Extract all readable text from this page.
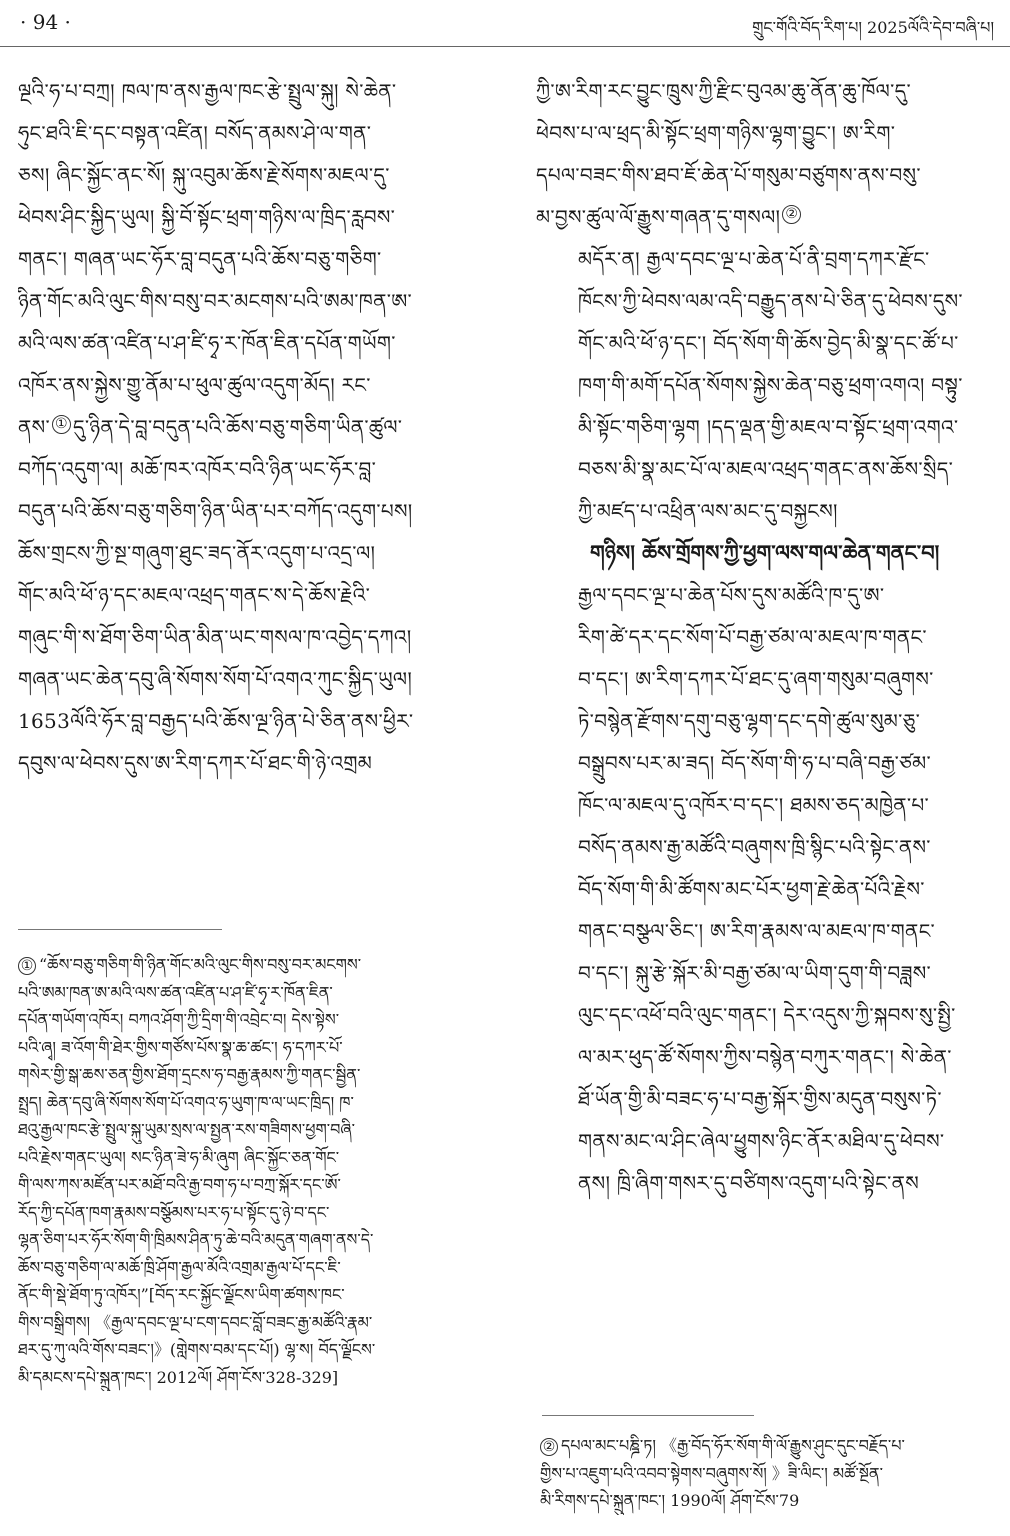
· 94 ·	གྲུང་གོའི་བོད་རིག་པ། 2025ལོའི་དེབ་བཞི་པ།

ལྔའི་ཧ་པ་བཀྲ། ཁལ་ཁ་ནས་རྒྱལ་ཁང་རྩེ་སྤྲུལ་སྐུ། སེ་ཆེན་
ཧུང་ཐའི་ཇི་དང་བསྟན་འཛིན། བསོད་ནམས་ཤེ་ལ་གན་
ཅས། ཞིང་སྐྱོང་ནང་སོ། སྐུ་འབུམ་ཆོས་རྗེ་སོགས་མཇལ་དུ་
ཕེབས་ཤིང་སྐྱིད་ཡུལ། སྐྱི་བོ་སྟོང་ཕྲག་གཉིས་ལ་ཁྲིད་རླབས་
གནང་། གཞན་ཡང་ཧོར་བླ་བདུན་པའི་ཆོས་བཅུ་གཅིག་
ཉིན་གོང་མའི་ལུང་གིས་བསུ་བར་མངགས་པའི་ཨམ་ཁན་ཨ་
མའི་ལས་ཚན་འཛིན་པ་ཤ་ཛི་ཧྭ་ར་ཁོན་ཇིན་དཔོན་གཡོག་
འཁོར་ནས་སྐྱེས་གྱུ་ནོམ་པ་ཕུལ་ཚུལ་འདུག་མོད། རང་
ནས་ ① དུ་ཉིན་དེ་བླ་བདུན་པའི་ཆོས་བཅུ་གཅིག་ཡིན་ཚུལ་
བཀོད་འདུག་ལ། མཆོ་ཁར་འཁོར་བའི་ཉིན་ཡང་ཧོར་བླ་
བདུན་པའི་ཆོས་བཅུ་གཅིག་ཉིན་ཡིན་པར་བཀོད་འདུག་པས།
ཆོས་གྲངས་ཀྱི་སྔ་གཞུག་ཐུང་ཟད་ནོར་འདུག་པ་འདྲ་ལ།
གོང་མའི་ཕོ་ཉ་དང་མཇལ་འཕྲད་གནང་ས་དེ་ཆོས་རྗེའི་
གཞུང་གི་ས་ཐོག་ཅིག་ཡིན་མིན་ཡང་གསལ་ཁ་འབྱེད་དཀའ།
གཞན་ཡང་ཆེན་དབུ་ཞི་སོགས་སོག་པོ་འགའ་ཀུང་སྐྱིད་ཡུལ།
1653ལོའི་ཧོར་བླ་བརྒྱད་པའི་ཆོས་ལྔ་ཉིན་པེ་ཅིན་ནས་ཕྱིར་
དབུས་ལ་ཕེབས་དུས་ཨ་རིག་དཀར་པོ་ཐང་གི་ཉེ་འགྲམ

① “ཆོས་བཅུ་གཅིག་གི་ཉིན་གོང་མའི་ལུང་གིས་བསུ་བར་མངགས་
པའི་ཨམ་ཁན་ཨ་མའི་ལས་ཚན་འཛིན་པ་ཤ་ཛི་ཧྭ་ར་ཁོན་ཇིན་
དཔོན་གཡོག་འཁོར། བཀའ་ཤོག་ཀྱི་དྲིག་གི་འབྲེང་བ། དེས་སྟེས་
པའི་ཞྭ། ཟ་འོག་གི་ཐེར་གྱིས་གཙོས་པོས་སྣ་ཆ་ཚང་། ཧ་དཀར་པོ་
གསེར་གྱི་སྒ་ཆས་ཅན་གྱིས་ཐོག་དྲངས་ཧ་བརྒྱ་རྣམས་ཀྱི་གནང་སྦྱིན་
སྤྲད། ཆེན་དབུ་ཞི་སོགས་སོག་པོ་འགའ་ཧ་ཡུག་ཁ་ལ་ཡང་ཁྲིད། ཁ་
ཐའུ་རྒྱལ་ཁང་རྩེ་སྤྲུལ་སྐུ་ཡུམ་སྲས་ལ་སྤྱན་རས་གཟིགས་ཕྱག་བཞི་
པའི་རྗེས་གནང་ཡུལ། སང་ཉིན་ཟེ་ཧ་མི་ཞུག ཞིང་སྐྱོང་ཅན་གོང་
གི་ལས་ཀས་མཛོན་པར་མཐོ་བའི་རྒྱ་བག་ཧ་པ་བཀྲ་སྐོར་དང་ཨོ་
རོད་ཀྱི་དཔོན་ཁག་རྣམས་བསྩོམས་པར་ཧ་པ་སྟོང་དུ་ཉེ་བ་དང་
ལྷན་ཅིག་པར་ཧོར་སོག་གི་ཁྲིམས་ཤིན་ཏུ་ཆེ་བའི་མདུན་གཞག་ནས་དེ་
ཆོས་བཅུ་གཅིག་ལ་མཆོ་ཁྲི་ཤོག་རྒྱལ་མོའི་འགྲམ་རྒྱལ་པོ་དང་ཇི་
ནོང་གི་སྡེ་ཐོག་ཏུ་འཁོར།”[བོད་རང་སྐྱོང་ལྗོངས་ཡིག་ཚགས་ཁང་
གིས་བསྒྲིགས། 《རྒྱལ་དབང་ལྔ་པ་ངག་དབང་བློ་བཟང་རྒྱ་མཚོའི་རྣམ་
ཐར་དུ་ཀུ་ལའི་གོས་བཟང་།》(གླེགས་བམ་དང་པོ།) ལྷ་ས། བོད་ལྗོངས་
མི་དམངས་དཔེ་སྐྲུན་ཁང་། 2012ལོ། ཤོག་ངོས་328-329]

ཀྱི་ཨ་རིག་རང་བྱུང་ཁྲུས་ཀྱི་རྫིང་བུའམ་ཆུ་ནོན་ཆུ་ཁོལ་དུ་
ཕེབས་པ་ལ་ཕྲད་མི་སྟོང་ཕྲག་གཉིས་ལྷག་བྱུང་། ཨ་རིག་
དཔལ་བཟང་གིས་ཐབ་ཇོ་ཆེན་པོ་གསུམ་བཙུགས་ནས་བསུ་
མ་བྱས་ཚུལ་ལོ་རྒྱུས་གཞན་དུ་གསལ། ②

མདོར་ན། རྒྱལ་དབང་ལྔ་པ་ཆེན་པོ་ནི་བྲག་དཀར་རྫོང་
ཁོངས་ཀྱི་ཕེབས་ལམ་འདི་བརྒྱུད་ནས་པེ་ཅིན་དུ་ཕེབས་དུས་
གོང་མའི་ཕོ་ཉ་དང་། བོད་སོག་གི་ཆོས་བྱེད་མི་སྣ་དང་ཚོ་པ་
ཁག་གི་མགོ་དཔོན་སོགས་སྐྱེས་ཆེན་བཅུ་ཕྲག་འགའ། བསྟུ་
མི་སྟོང་གཅིག་ལྷག །དད་ལྡན་གྱི་མཇལ་བ་སྟོང་ཕྲག་འགའ་
བཅས་མི་སྣ་མང་པོ་ལ་མཇལ་འཕྲད་གནང་ནས་ཆོས་སྲིད་
ཀྱི་མཛད་པ་འཕྲིན་ལས་མང་དུ་བསྐྱངས།

གཉིས། ཆོས་གྲོགས་ཀྱི་ཕྱག་ལས་གལ་ཆེན་གནང་བ།

རྒྱལ་དབང་ལྔ་པ་ཆེན་པོས་དུས་མཚོའི་ཁ་དུ་ཨ་
རིག་ཚེ་དར་དང་སོག་པོ་བརྒྱ་ཙམ་ལ་མཇལ་ཁ་གནང་
བ་དང་། ཨ་རིག་དཀར་པོ་ཐང་དུ་ཞག་གསུམ་བཞུགས་
ཏེ་བསྙེན་རྫོགས་དགུ་བཅུ་ལྷག་དང་དགེ་ཚུལ་སུམ་ཅུ་
བསྒྲུབས་པར་མ་ཟད། བོད་སོག་གི་ཧ་པ་བཞི་བརྒྱ་ཙམ་
ཁོང་ལ་མཇལ་དུ་འཁོར་བ་དང་། ཐམས་ཅད་མཁྱེན་པ་
བསོད་ནམས་རྒྱ་མཚོའི་བཞུགས་ཁྲི་སྙིང་པའི་སྟེང་ནས་
བོད་སོག་གི་མི་ཚོགས་མང་པོར་ཕྱག་རྗེ་ཆེན་པོའི་རྗེས་
གནང་བསྩལ་ཅིང་། ཨ་རིག་རྣམས་ལ་མཇལ་ཁ་གནང་
བ་དང་། སྐུ་རྩེ་སྐོར་མི་བརྒྱ་ཙམ་ལ་ཡིག་དུག་གི་བཟླས་
ལུང་དང་འཕོ་བའི་ལུང་གནང་། དེར་འདུས་ཀྱི་སྐབས་སུ་སྤྱི་
ལ་མར་ཕུད་ཚོ་སོགས་ཀྱིས་བསྙེན་བཀུར་གནང་། སེ་ཆེན་
ཐོ་ཡོན་གྱི་མི་བཟང་ཧ་པ་བརྒྱ་སྐོར་གྱིས་མདུན་བསུས་ཏེ་
གནས་མང་ལ་ཤིང་ཞེལ་ཕྱུགས་ཉིང་ནོར་མཐིལ་དུ་ཕེབས་
ནས། ཁྲི་ཞིག་གསར་དུ་བཙིགས་འདུག་པའི་སྟེང་ནས

② དཔལ་མང་པཎྜི་ཏ། 《རྒྱ་བོད་ཧོར་སོག་གི་ལོ་རྒྱུས་ཤུང་དུང་བརྗོད་པ་
གྱིས་པ་འཇུག་པའི་འབབ་སྟེགས་བཞུགས་སོ། 》ཟི་ལིང་། མཚོ་སྔོན་
མི་རིགས་དཔེ་སྐྲུན་ཁང་། 1990ལོ། ཤོག་ངོས་79
